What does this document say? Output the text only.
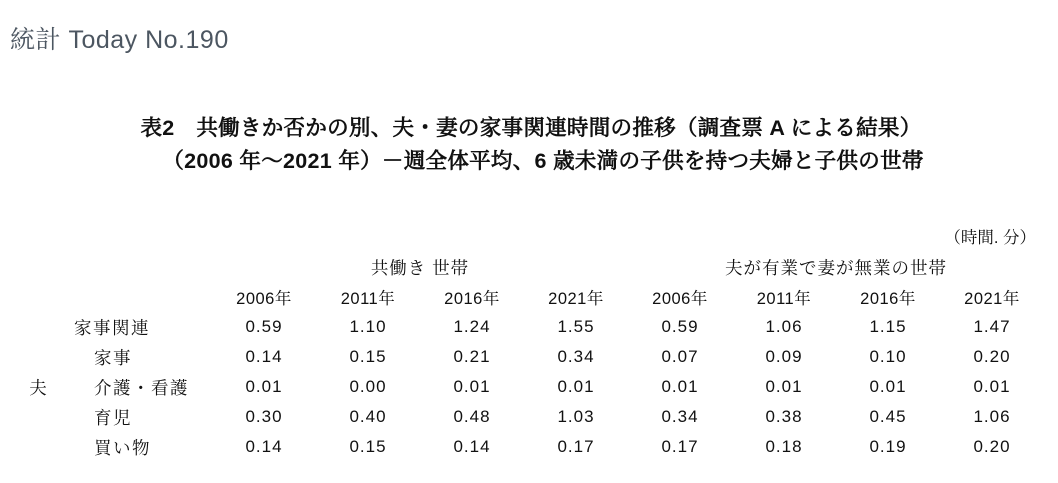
統計 Today No.190
表2　共働きか否かの別、夫・妻の家事関連時間の推移（調査票 A による結果）
（2006 年〜2021 年）－週全体平均、6 歳未満の子供を持つ夫婦と子供の世帯
（時間. 分）
		共働き 世帯				夫が有業で妻が無業の世帯			
		2006年	2011年	2016年	2021年	2006年	2011年	2016年	2021年
夫	家事関連	0.59	1.10	1.24	1.55	0.59	1.06	1.15	1.47
	家事	0.14	0.15	0.21	0.34	0.07	0.09	0.10	0.20
	介護・看護	0.01	0.00	0.01	0.01	0.01	0.01	0.01	0.01
	育児	0.30	0.40	0.48	1.03	0.34	0.38	0.45	1.06
	買い物	0.14	0.15	0.14	0.17	0.17	0.18	0.19	0.20
